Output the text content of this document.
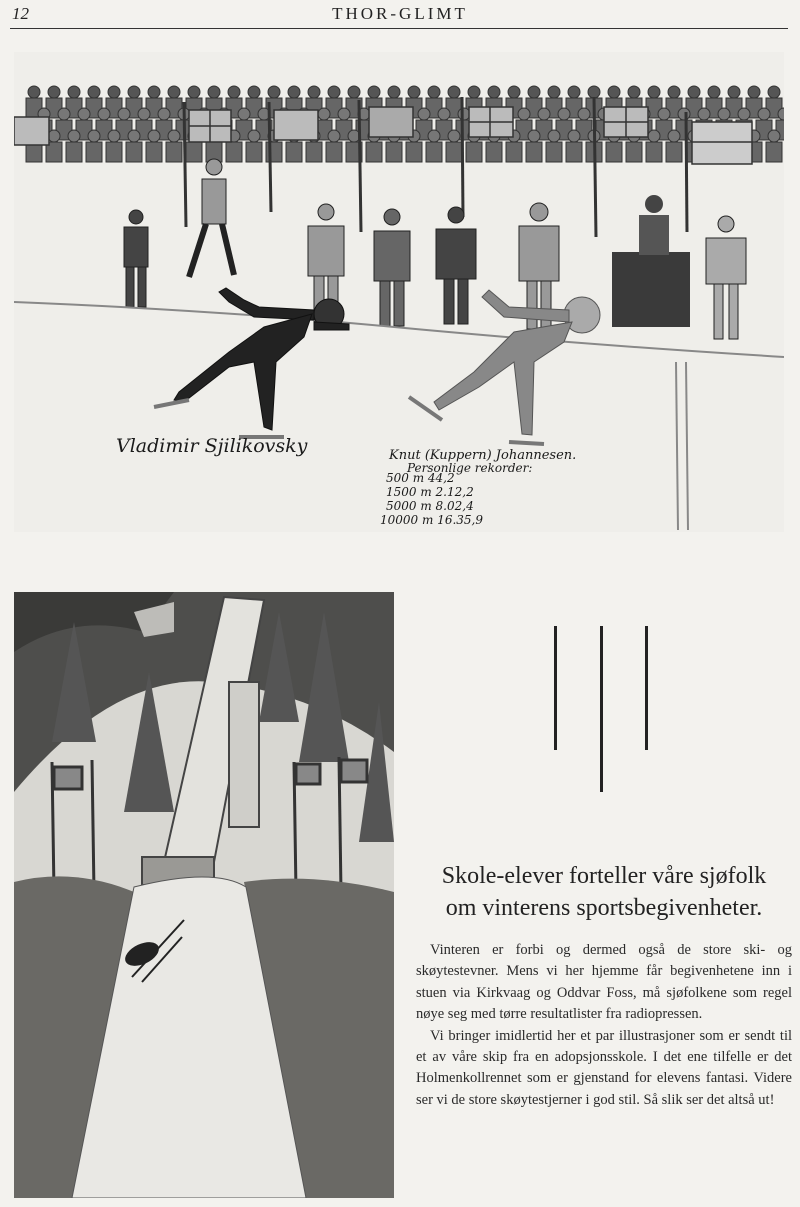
12	THOR-GLIMT
Vladimir Sjilikovsky	Knut (Kuppern) Johannesen.
Personlige rekorder:
500 m 44,2
1500 m 2.12,2
5000 m 8.02,4
10000 m 16.35,9
Skole-elever forteller våre sjøfolk
om vinterens sportsbegivenheter.

Vinteren er forbi og dermed også de store ski- og skøytestevner. Mens vi her hjemme får begivenhetene inn i stuen via Kirkvaag og Oddvar Foss, må sjøfolkene som regel nøye seg med tørre resultatlister fra radiopressen.

Vi bringer imidlertid her et par illustrasjoner som er sendt til et av våre skip fra en adopsjonsskole. I det ene tilfelle er det Holmenkollrennet som er gjenstand for elevens fantasi. Videre ser vi de store skøytestjerner i god stil. Så slik ser det altså ut!
